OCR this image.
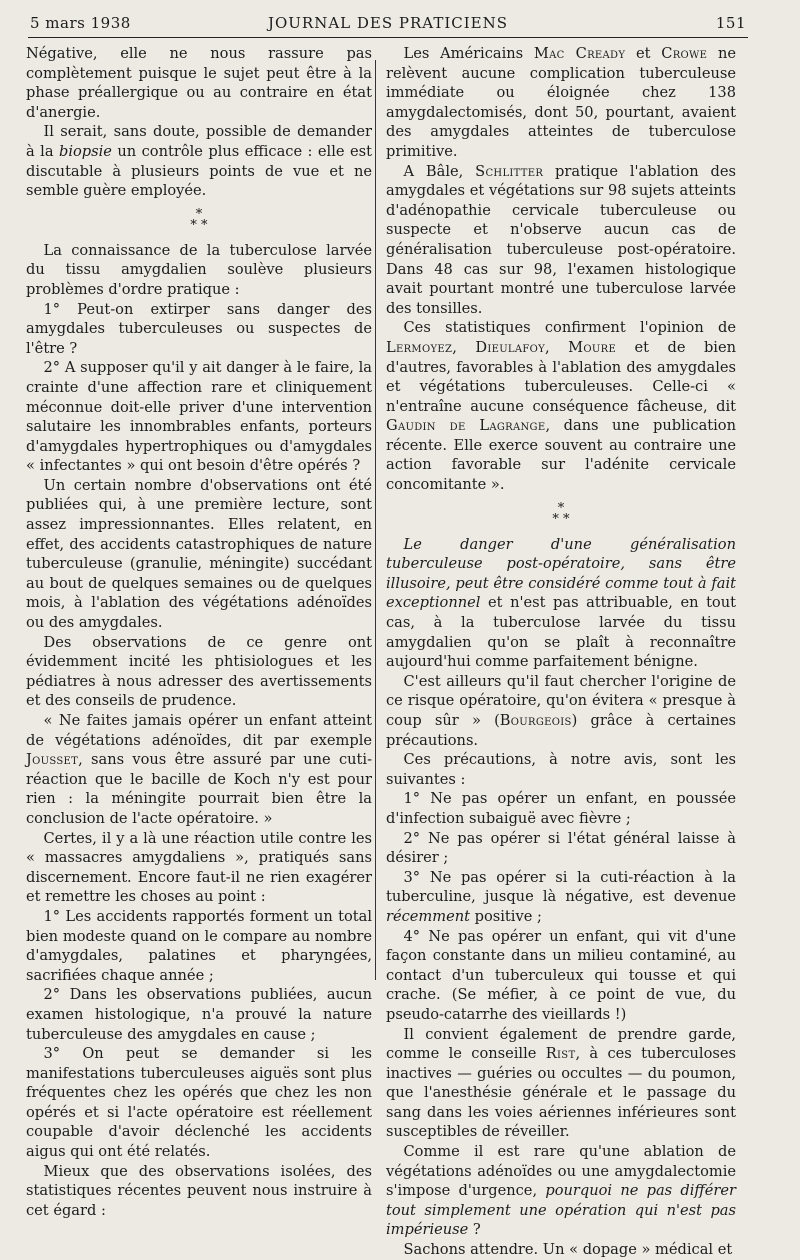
5 mars 1938	JOURNAL DES PRATICIENS	151

Négative, elle ne nous rassure pas complètement puisque le sujet peut être à la phase préallergique ou au contraire en état d'anergie.

Il serait, sans doute, possible de demander à la biopsie un contrôle plus efficace : elle est discutable à plusieurs points de vue et ne semble guère employée.

*
* *

La connaissance de la tuberculose larvée du tissu amygdalien soulève plusieurs problèmes d'ordre pratique :

1° Peut-on extirper sans danger des amygdales tuberculeuses ou suspectes de l'être ?

2° A supposer qu'il y ait danger à le faire, la crainte d'une affection rare et cliniquement méconnue doit-elle priver d'une intervention salutaire les innombrables enfants, porteurs d'amygdales hypertrophiques ou d'amygdales « infectantes » qui ont besoin d'être opérés ?

Un certain nombre d'observations ont été publiées qui, à une première lecture, sont assez impressionnantes. Elles relatent, en effet, des accidents catastrophiques de nature tuberculeuse (granulie, méningite) succédant au bout de quelques semaines ou de quelques mois, à l'ablation des végétations adénoïdes ou des amygdales.

Des observations de ce genre ont évidemment incité les phtisiologues et les pédiatres à nous adresser des avertissements et des conseils de prudence.

« Ne faites jamais opérer un enfant atteint de végétations adénoïdes, dit par exemple Jousset, sans vous être assuré par une cuti-réaction que le bacille de Koch n'y est pour rien : la méningite pourrait bien être la conclusion de l'acte opératoire. »

Certes, il y a là une réaction utile contre les « massacres amygdaliens », pratiqués sans discernement. Encore faut-il ne rien exagérer et remettre les choses au point :

1° Les accidents rapportés forment un total bien modeste quand on le compare au nombre d'amygdales, palatines et pharyngées, sacrifiées chaque année ;

2° Dans les observations publiées, aucun examen histologique, n'a prouvé la nature tuberculeuse des amygdales en cause ;

3° On peut se demander si les manifestations tuberculeuses aiguës sont plus fréquentes chez les opérés que chez les non opérés et si l'acte opératoire est réellement coupable d'avoir déclenché les accidents aigus qui ont été relatés.

Mieux que des observations isolées, des statistiques récentes peuvent nous instruire à cet égard :

Les Américains Mac Cready et Crowe ne relèvent aucune complication tuberculeuse immédiate ou éloignée chez 138 amygdalectomisés, dont 50, pourtant, avaient des amygdales atteintes de tuberculose primitive.

A Bâle, Schlitter pratique l'ablation des amygdales et végétations sur 98 sujets atteints d'adénopathie cervicale tuberculeuse ou suspecte et n'observe aucun cas de généralisation tuberculeuse post-opératoire. Dans 48 cas sur 98, l'examen histologique avait pourtant montré une tuberculose larvée des tonsilles.

Ces statistiques confirment l'opinion de Lermoyez, Dieulafoy, Moure et de bien d'autres, favorables à l'ablation des amygdales et végétations tuberculeuses. Celle-ci « n'entraîne aucune conséquence fâcheuse, dit Gaudin de Lagrange, dans une publication récente. Elle exerce souvent au contraire une action favorable sur l'adénite cervicale concomitante ».

*
* *

Le danger d'une généralisation tuberculeuse post-opératoire, sans être illusoire, peut être considéré comme tout à fait exceptionnel et n'est pas attribuable, en tout cas, à la tuberculose larvée du tissu amygdalien qu'on se plaît à reconnaître aujourd'hui comme parfaitement bénigne.

C'est ailleurs qu'il faut chercher l'origine de ce risque opératoire, qu'on évitera « presque à coup sûr » (Bourgeois) grâce à certaines précautions.

Ces précautions, à notre avis, sont les suivantes :

1° Ne pas opérer un enfant, en poussée d'infection subaiguë avec fièvre ;

2° Ne pas opérer si l'état général laisse à désirer ;

3° Ne pas opérer si la cuti-réaction à la tuberculine, jusque là négative, est devenue récemment positive ;

4° Ne pas opérer un enfant, qui vit d'une façon constante dans un milieu contaminé, au contact d'un tuberculeux qui tousse et qui crache. (Se méfier, à ce point de vue, du pseudo-catarrhe des vieillards !)

Il convient également de prendre garde, comme le conseille Rist, à ces tuberculoses inactives — guéries ou occultes — du poumon, que l'anesthésie générale et le passage du sang dans les voies aériennes inférieures sont susceptibles de réveiller.

Comme il est rare qu'une ablation de végétations adénoïdes ou une amygdalectomie s'impose d'urgence, pourquoi ne pas différer tout simplement une opération qui n'est pas impérieuse ?

Sachons attendre. Un « dopage » médical et
